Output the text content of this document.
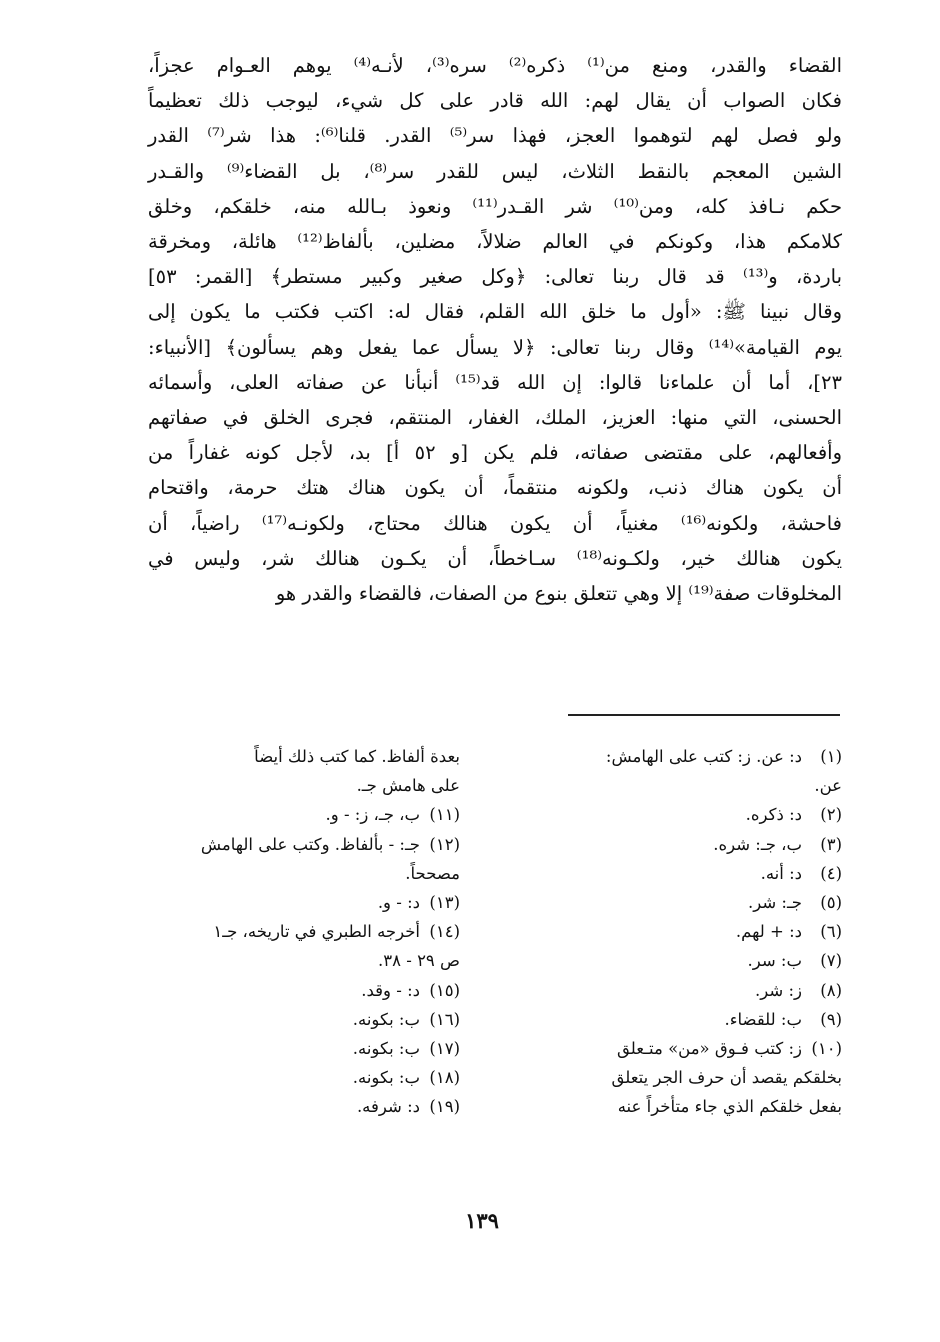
القضاء والقدر، ومنع من⁽¹⁾ ذكره⁽²⁾ سره⁽³⁾، لأنـه⁽⁴⁾ يوهم العـوام عجزاً،
فكان الصواب أن يقال لهم: الله قادر على كل شيء، ليوجب ذلك تعظيماً
ولو فصل لهم لتوهموا العجز، فهذا سر⁽⁵⁾ القدر. قلنا⁽⁶⁾: هذا شر⁽⁷⁾ القدر
الشين المعجم بالنقط الثلاث، ليس للقدر سر⁽⁸⁾، بل القضاء⁽⁹⁾ والقـدر
حكم نـافذ كله، ومن⁽¹⁰⁾ شر القـدر⁽¹¹⁾ ونعوذ بـالله منه، خلقكم، وخلق
كلامكم هذا، وكونكم في العالم ضلالاً، مضلين، بألفاظ⁽¹²⁾ هائلة، ومخرقة
باردة، و⁽¹³⁾ قد قال ربنا تعالى: ﴿وكل صغير وكبير مستطر﴾ [القمر: ٥٣]
وقال نبينا ﷺ: «أول ما خلق الله القلم، فقال له: اكتب فكتب ما يكون إلى
يوم القيامة»⁽¹⁴⁾ وقال ربنا تعالى: ﴿لا يسأل عما يفعل وهم يسألون﴾ [الأنبياء:
٢٣]، أما أن علماءنا قالوا: إن الله قد⁽¹⁵⁾ أنبأنا عن صفاته العلى، وأسمائه
الحسنى، التي منها: العزيز، الملك، الغفار، المنتقم، فجرى الخلق في صفاتهم
وأفعالهم، على مقتضى صفاته، فلم يكن [و ٥٢ أ] بد، لأجل كونه غفاراً من
أن يكون هناك ذنب، ولكونه منتقماً، أن يكون هناك هتك حرمة، واقتحام
فاحشة، ولكونه⁽¹⁶⁾ مغنياً، أن يكون هنالك محتاج، ولكونـه⁽¹⁷⁾ راضياً، أن
يكون هنالك خير، ولكـونه⁽¹⁸⁾ سـاخطاً، أن يكـون هنالك شر، وليس في
المخلوقات صفة⁽¹⁹⁾ إلا وهي تتعلق بنوع من الصفات، فالقضاء والقدر هو
(١)د: عن. ز: كتب على الهامش:
عن.
(٢)د: ذكره.
(٣)ب، جـ: شره.
(٤)د: أنه.
(٥)جـ: شر.
(٦)د: + لهم.
(٧)ب: سر.
(٨)ز: شر.
(٩)ب: للقضاء.
(١٠)ز: كتب فـوق «من» متـعلق
بخلقكم يقصد أن حرف الجر يتعلق
بفعل خلقكم الذي جاء متأخراً عنه
بعدة ألفاظ. كما كتب ذلك أيضاً
على هامش جـ.
(١١)ب، جـ، ز: - و.
(١٢)جـ: - بألفاظ. وكتب على الهامش
مصححاً.
(١٣)د: - و.
(١٤)أخرجه الطبري في تاريخه، جـ١
ص ٢٩ - ٣٨.
(١٥)د: - وقد.
(١٦)ب: بكونه.
(١٧)ب: بكونه.
(١٨)ب: بكونه.
(١٩)د: شرفه.
١٣٩
